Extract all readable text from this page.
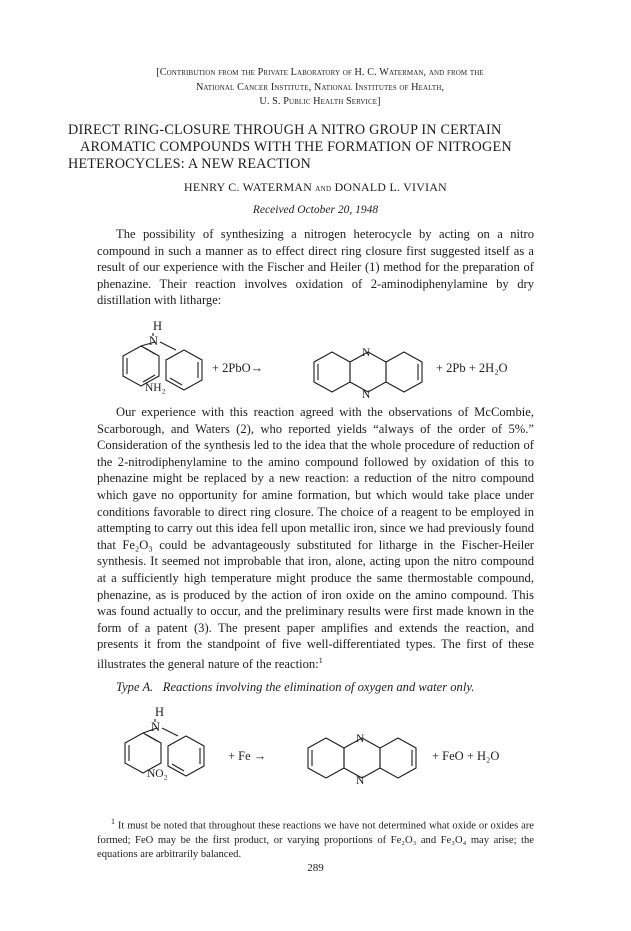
[Contribution from the Private Laboratory of H. C. Waterman, and from the
National Cancer Institute, National Institutes of Health,
U. S. Public Health Service]
DIRECT RING-CLOSURE THROUGH A NITRO GROUP IN CERTAIN
AROMATIC COMPOUNDS WITH THE FORMATION OF NITROGEN
HETEROCYCLES: A NEW REACTION
HENRY C. WATERMAN and DONALD L. VIVIAN
Received October 20, 1948
The possibility of synthesizing a nitrogen heterocycle by acting on a nitro compound in such a manner as to effect direct ring closure first suggested itself as a result of our experience with the Fischer and Heiler (1) method for the preparation of phenazine. Their reaction involves oxidation of 2-aminodiphenylamine by dry distillation with litharge:
H
N
NH₂
+ 2PbO→
N
N
+ 2Pb + 2H₂O
Our experience with this reaction agreed with the observations of McCombie, Scarborough, and Waters (2), who reported yields “always of the order of 5%.” Consideration of the synthesis led to the idea that the whole procedure of reduction of the 2-nitrodiphenylamine to the amino compound followed by oxidation of this to phenazine might be replaced by a new reaction: a reduction of the nitro compound which gave no opportunity for amine formation, but which would take place under conditions favorable to direct ring closure. The choice of a reagent to be employed in attempting to carry out this idea fell upon metallic iron, since we had previously found that Fe₂O₃ could be advantageously substituted for litharge in the Fischer-Heiler synthesis. It seemed not improbable that iron, alone, acting upon the nitro compound at a sufficiently high temperature might produce the same thermostable compound, phenazine, as is produced by the action of iron oxide on the amino compound. This was found actually to occur, and the preliminary results were first made known in the form of a patent (3). The present paper amplifies and extends the reaction, and presents it from the standpoint of five well-differentiated types. The first of these illustrates the general nature of the reaction:$^1$
Type A. Reactions involving the elimination of oxygen and water only.
H
N
NO₂
+ Fe →
N
N
+ FeO + H₂O
$^1$ It must be noted that throughout these reactions we have not determined what oxide or oxides are formed; FeO may be the first product, or varying proportions of Fe₂O₃ and Fe₃O₄ may arise; the equations are arbitrarily balanced.
289
